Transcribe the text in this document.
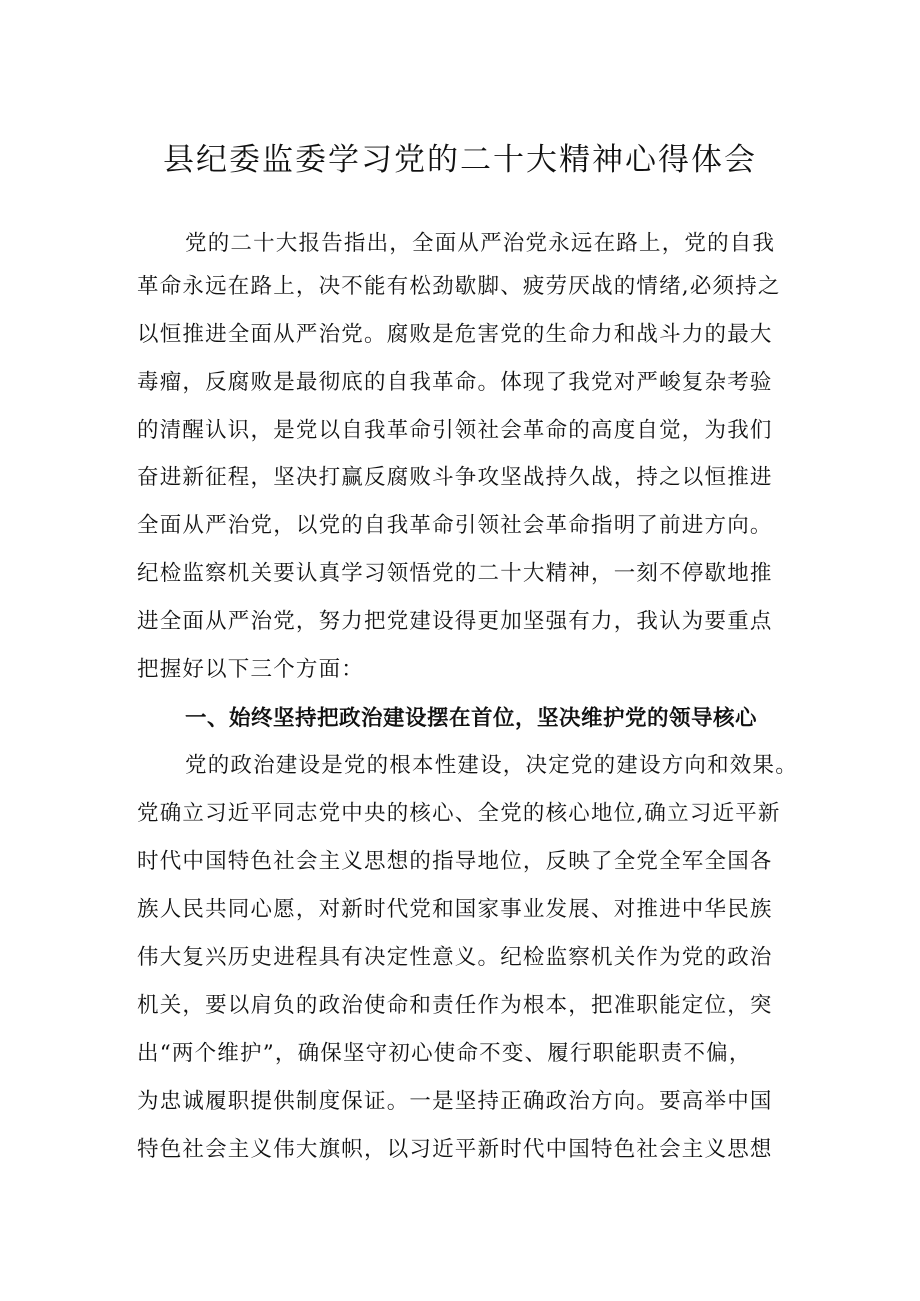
县纪委监委学习党的二十大精神心得体会
党的二十大报告指出，全面从严治党永远在路上，党的自我
革命永远在路上，决不能有松劲歇脚、疲劳厌战的情绪,必须持之
以恒推进全面从严治党。腐败是危害党的生命力和战斗力的最大
毒瘤，反腐败是最彻底的自我革命。体现了我党对严峻复杂考验
的清醒认识，是党以自我革命引领社会革命的高度自觉，为我们
奋进新征程，坚决打赢反腐败斗争攻坚战持久战，持之以恒推进
全面从严治党，以党的自我革命引领社会革命指明了前进方向。
纪检监察机关要认真学习领悟党的二十大精神，一刻不停歇地推
进全面从严治党，努力把党建设得更加坚强有力，我认为要重点
把握好以下三个方面：
一、始终坚持把政治建设摆在首位，坚决维护党的领导核心
党的政治建设是党的根本性建设，决定党的建设方向和效果。
党确立习近平同志党中央的核心、全党的核心地位,确立习近平新
时代中国特色社会主义思想的指导地位，反映了全党全军全国各
族人民共同心愿，对新时代党和国家事业发展、对推进中华民族
伟大复兴历史进程具有决定性意义。纪检监察机关作为党的政治
机关，要以肩负的政治使命和责任作为根本，把准职能定位，突
出“两个维护”，确保坚守初心使命不变、履行职能职责不偏，
为忠诚履职提供制度保证。一是坚持正确政治方向。要高举中国
特色社会主义伟大旗帜，以习近平新时代中国特色社会主义思想
